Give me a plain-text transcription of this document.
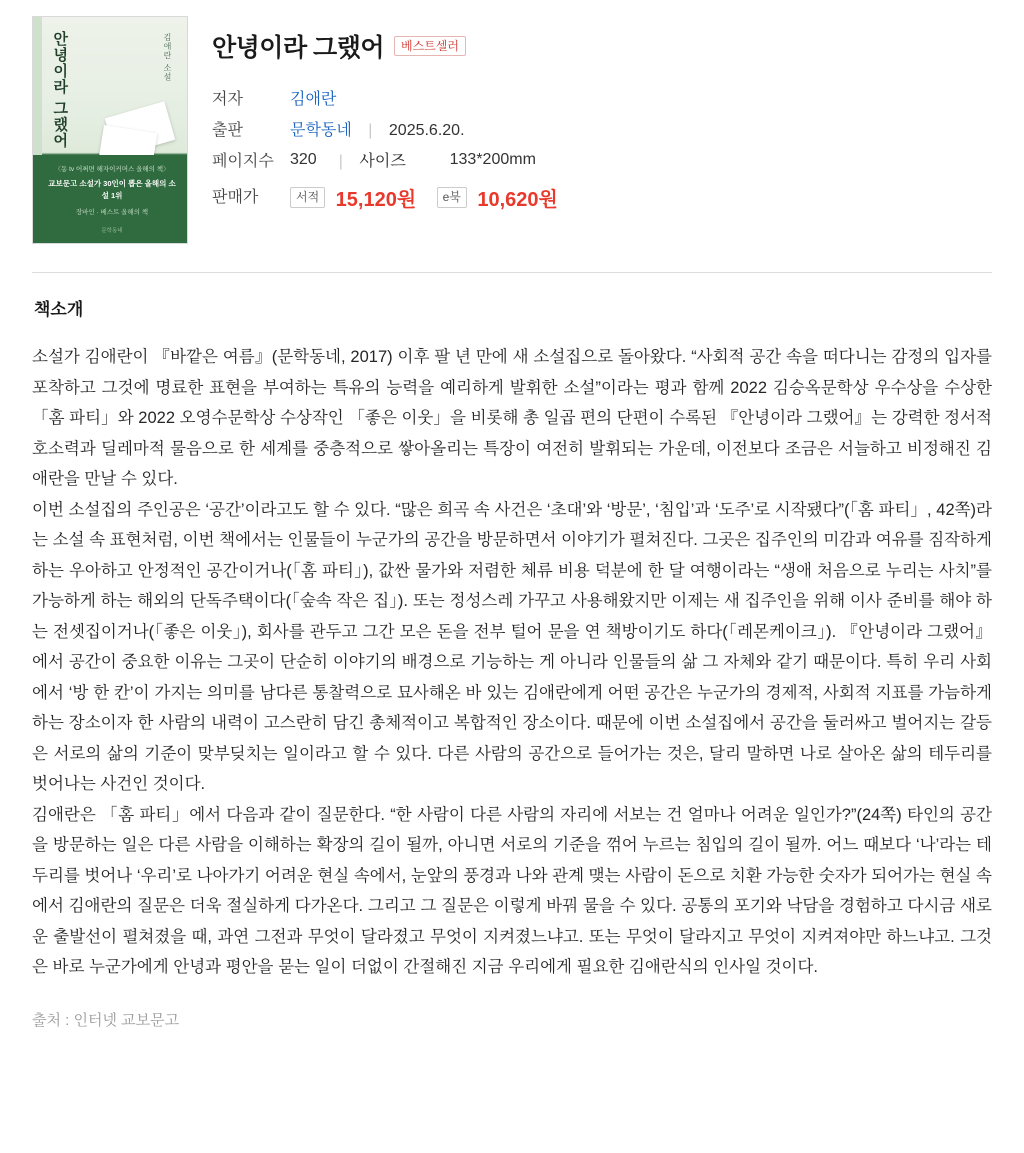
안녕이라 그랬어	김애란 소설
〈동 tv 어쩌면 해자이커머스 올해의 책〉
교보문고 소설가 30인이 뽑은 올해의 소설 1위
장바인 · 베스트 올해의 책
문학동네
안녕이라 그랬어	베스트셀러
저자	김애란		
출판	문학동네 | 2025.6.20.		
페이지수	320	| 사이즈	133*200mm
판매가	서적 15,120원 e북 10,620원		
책소개

소설가 김애란이 『바깥은 여름』(문학동네, 2017) 이후 팔 년 만에 새 소설집으로 돌아왔다. “사회적 공간 속을 떠다니는 감정의 입자를 포착하고 그것에 명료한 표현을 부여하는 특유의 능력을 예리하게 발휘한 소설”이라는 평과 함께 2022 김승옥문학상 우수상을 수상한 「홈 파티」와 2022 오영수문학상 수상작인 「좋은 이웃」을 비롯해 총 일곱 편의 단편이 수록된 『안녕이라 그랬어』는 강력한 정서적 호소력과 딜레마적 물음으로 한 세계를 중층적으로 쌓아올리는 특장이 여전히 발휘되는 가운데, 이전보다 조금은 서늘하고 비정해진 김애란을 만날 수 있다.

이번 소설집의 주인공은 ‘공간’이라고도 할 수 있다. “많은 희곡 속 사건은 ‘초대’와 ‘방문’, ‘침입’과 ‘도주’로 시작됐다”(「홈 파티」, 42쪽)라는 소설 속 표현처럼, 이번 책에서는 인물들이 누군가의 공간을 방문하면서 이야기가 펼쳐진다. 그곳은 집주인의 미감과 여유를 짐작하게 하는 우아하고 안정적인 공간이거나(「홈 파티」), 값싼 물가와 저렴한 체류 비용 덕분에 한 달 여행이라는 “생애 처음으로 누리는 사치”를 가능하게 하는 해외의 단독주택이다(「숲속 작은 집」). 또는 정성스레 가꾸고 사용해왔지만 이제는 새 집주인을 위해 이사 준비를 해야 하는 전셋집이거나(「좋은 이웃」), 회사를 관두고 그간 모은 돈을 전부 털어 문을 연 책방이기도 하다(「레몬케이크」). 『안녕이라 그랬어』에서 공간이 중요한 이유는 그곳이 단순히 이야기의 배경으로 기능하는 게 아니라 인물들의 삶 그 자체와 같기 때문이다. 특히 우리 사회에서 ‘방 한 칸’이 가지는 의미를 남다른 통찰력으로 묘사해온 바 있는 김애란에게 어떤 공간은 누군가의 경제적, 사회적 지표를 가늠하게 하는 장소이자 한 사람의 내력이 고스란히 담긴 총체적이고 복합적인 장소이다. 때문에 이번 소설집에서 공간을 둘러싸고 벌어지는 갈등은 서로의 삶의 기준이 맞부딪치는 일이라고 할 수 있다. 다른 사람의 공간으로 들어가는 것은, 달리 말하면 나로 살아온 삶의 테두리를 벗어나는 사건인 것이다.

김애란은 「홈 파티」에서 다음과 같이 질문한다. “한 사람이 다른 사람의 자리에 서보는 건 얼마나 어려운 일인가?”(24쪽) 타인의 공간을 방문하는 일은 다른 사람을 이해하는 확장의 길이 될까, 아니면 서로의 기준을 꺾어 누르는 침입의 길이 될까. 어느 때보다 ‘나’라는 테두리를 벗어나 ‘우리’로 나아가기 어려운 현실 속에서, 눈앞의 풍경과 나와 관계 맺는 사람이 돈으로 치환 가능한 숫자가 되어가는 현실 속에서 김애란의 질문은 더욱 절실하게 다가온다. 그리고 그 질문은 이렇게 바꿔 물을 수 있다. 공통의 포기와 낙담을 경험하고 다시금 새로운 출발선이 펼쳐졌을 때, 과연 그전과 무엇이 달라졌고 무엇이 지켜졌느냐고. 또는 무엇이 달라지고 무엇이 지켜져야만 하느냐고. 그것은 바로 누군가에게 안녕과 평안을 묻는 일이 더없이 간절해진 지금 우리에게 필요한 김애란식의 인사일 것이다.

출처 : 인터넷 교보문고
